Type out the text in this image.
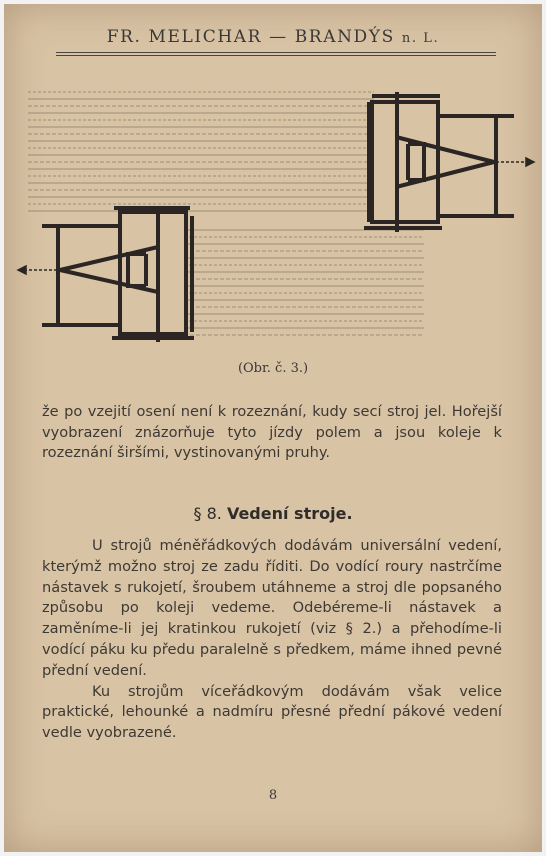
FR. MELICHAR — BRANDÝS n. L.
(Obr. č. 3.)

že po vzejití osení není k rozeznání, kudy secí stroj jel. Hořejší vyobrazení znázorňuje tyto jízdy polem a jsou koleje k rozeznání širšími, vystinovanými pruhy.

§ 8. Vedení stroje.

U strojů méněřádkových dodávám universální vedení, kterýmž možno stroj ze zadu říditi. Do vodící roury nastrčíme nástavek s rukojetí, šroubem utáhneme a stroj dle popsaného způsobu po koleji vedeme. Odebéreme-li nástavek a zaměníme-li jej kratinkou rukojetí (viz § 2.) a přehodíme-li vodící páku ku předu paralelně s předkem, máme ihned pevné přední vedení.

Ku strojům víceřádkovým dodávám však velice praktické, lehounké a nadmíru přesné přední pákové vedení vedle vyobrazené.

8
